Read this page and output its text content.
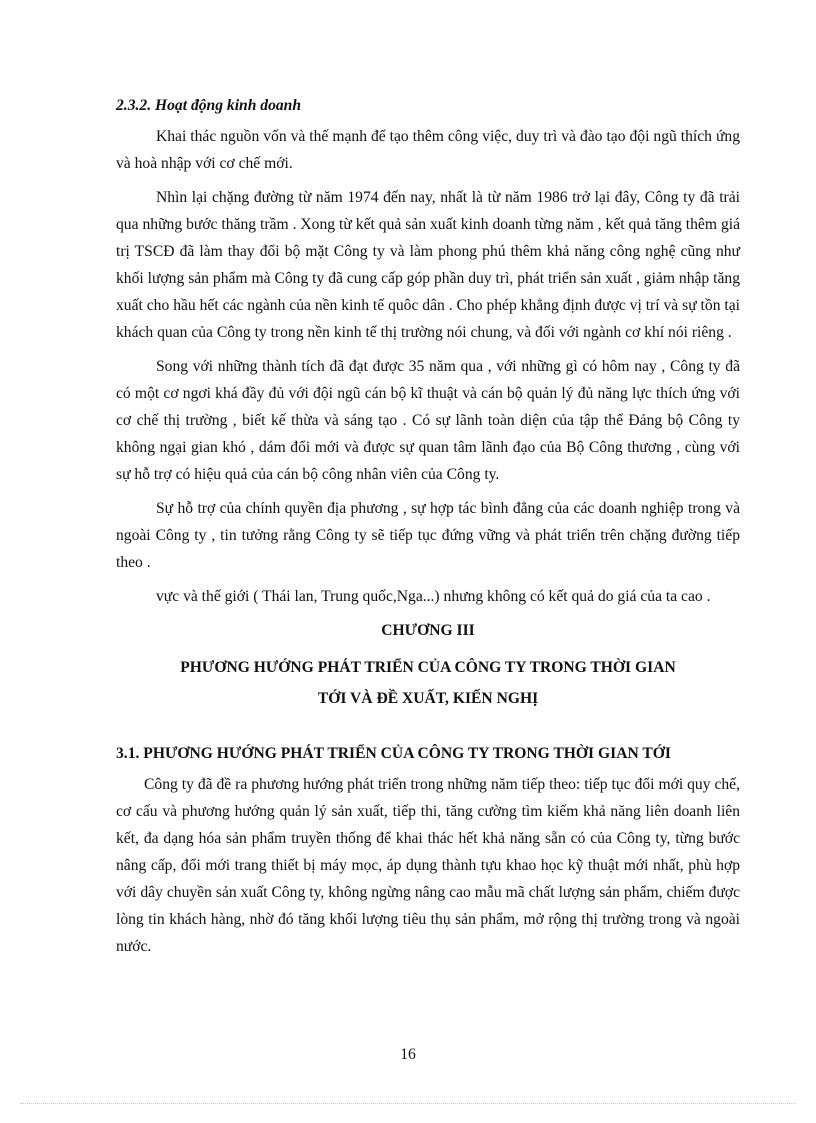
2.3.2. Hoạt động kinh doanh

Khai thác nguồn vốn và thế mạnh để tạo thêm công việc, duy trì và đào tạo đội ngũ thích ứng và hoà nhập với cơ chế mới.

Nhìn lại chặng đường từ năm 1974 đến nay, nhất là từ năm 1986 trở lại đây, Công ty đã trải qua những bước thăng trầm . Xong từ kết quả sản xuất kinh doanh từng năm , kết quả tăng thêm giá trị TSCĐ đã làm thay đổi bộ mặt Công ty và làm phong phú thêm khả năng công nghệ cũng như khối lượng sản phẩm mà Công ty đã cung cấp góp phần duy trì, phát triển sản xuất , giảm nhập tăng xuất cho hầu hết các ngành của nền kinh tế quôc dân . Cho phép khẳng định được vị trí và sự tồn tại khách quan của Công ty trong nền kinh tế thị trường nói chung, và đối với ngành cơ khí nói riêng .

Song với những thành tích đã đạt được 35 năm qua , với những gì có hôm nay , Công ty đã có một cơ ngơi khá đầy đủ với đội ngũ cán bộ kĩ thuật và cán bộ quản lý đủ năng lực thích ứng với cơ chế thị trường , biết kế thừa và sáng tạo . Có sự lãnh toàn diện của tập thể Đảng bộ Công ty không ngại gian khó , dám đổi mới và được sự quan tâm lãnh đạo của Bộ Công thương , cùng với sự hỗ trợ có hiệu quả của cán bộ công nhân viên của Công ty.

Sự hỗ trợ của chính quyền địa phương , sự hợp tác bình đẳng của các doanh nghiệp trong và ngoài Công ty , tin tưởng rằng Công ty sẽ tiếp tục đứng vững và phát triển trên chặng đường tiếp theo .

vực và thế giới ( Thái lan, Trung quốc,Nga...) nhưng không có kết quả do giá của ta cao .

CHƯƠNG III
PHƯƠNG HƯỚNG PHÁT TRIỂN CỦA CÔNG TY TRONG THỜI GIAN
TỚI VÀ ĐỀ XUẤT, KIẾN NGHỊ
3.1. PHƯƠNG HƯỚNG PHÁT TRIỂN CỦA CÔNG TY TRONG THỜI GIAN TỚI

Công ty đã đề ra phương hướng phát triển trong những năm tiếp theo: tiếp tục đổi mới quy chế, cơ cấu và phương hướng quản lý sản xuất, tiếp thi, tăng cường tìm kiếm khả năng liên doanh liên kết, đa dạng hóa sản phẩm truyền thống để khai thác hết khả năng sẵn có của Công ty, từng bước nâng cấp, đổi mới trang thiết bị máy mọc, áp dụng thành tựu khao học kỹ thuật mới nhất, phù hợp với dây chuyền sản xuất Công ty, không ngừng nâng cao mẫu mã chất lượng sản phẩm, chiếm được lòng tin khách hàng, nhờ đó tăng khối lượng tiêu thụ sản phẩm, mở rộng thị trường trong và ngoài nước.

16
